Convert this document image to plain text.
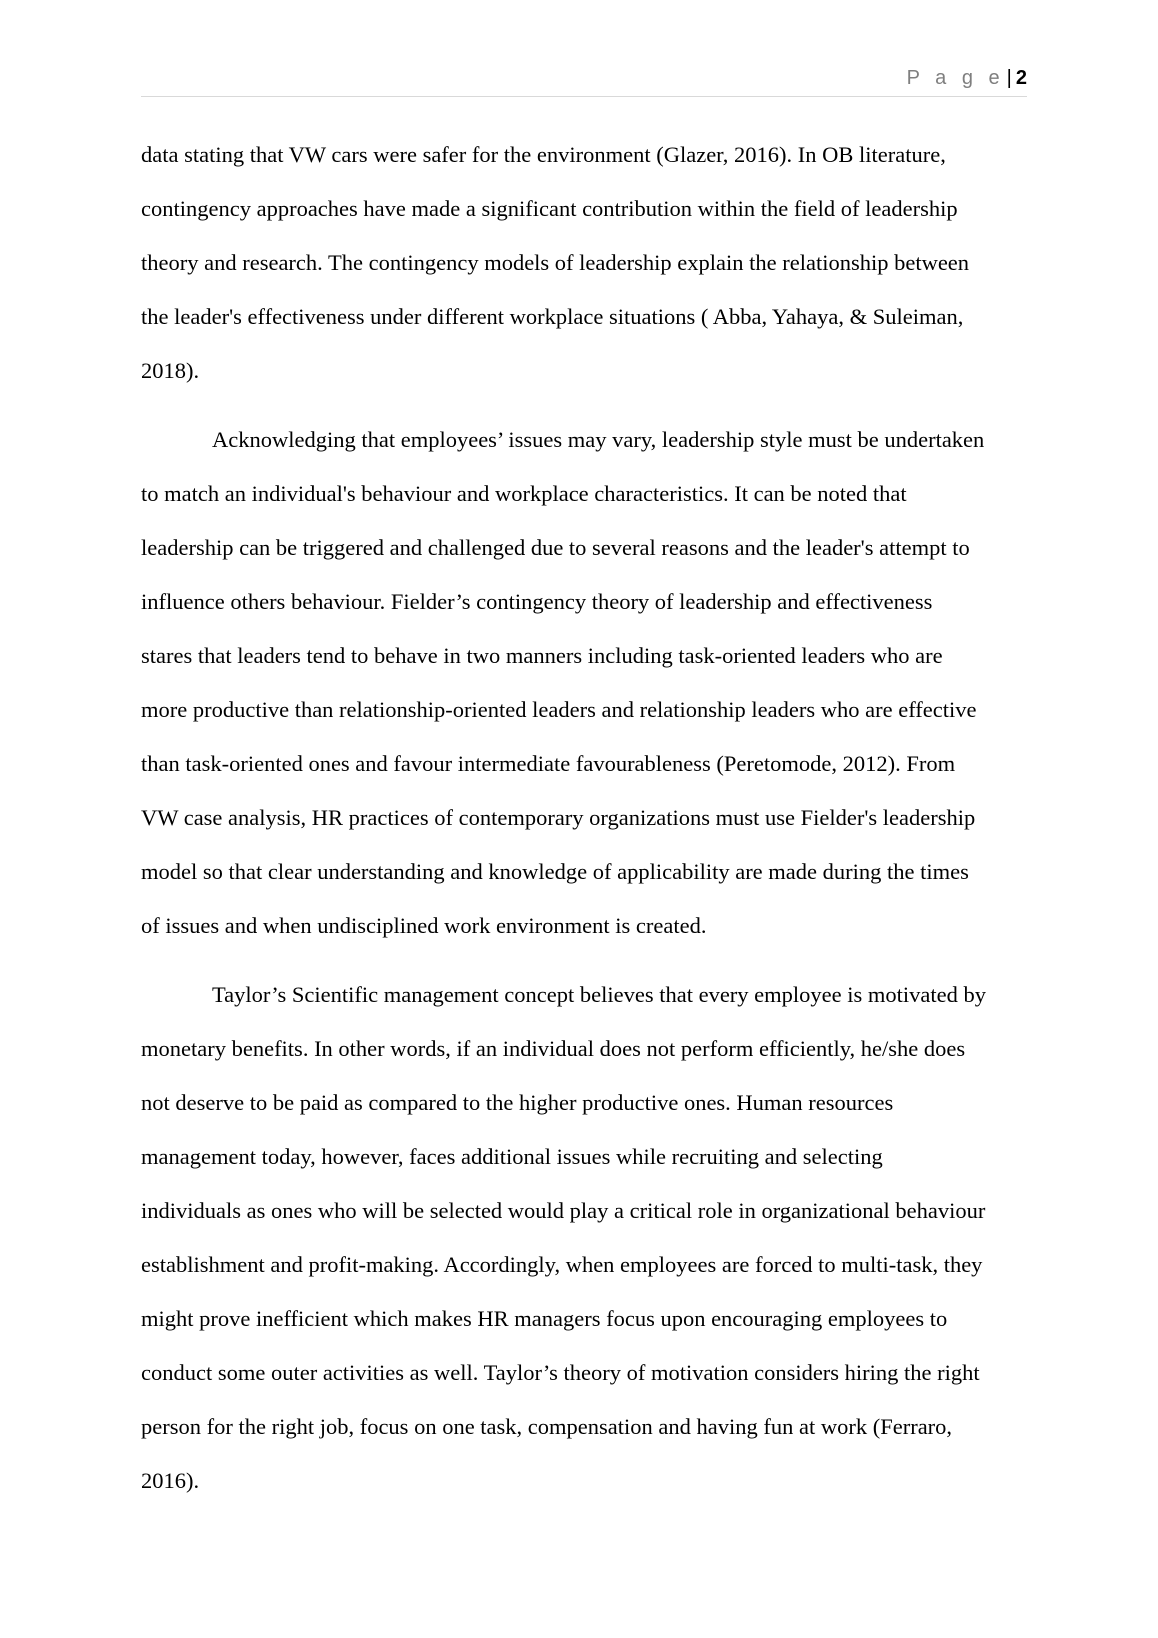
P a g e | 2
data stating that VW cars were safer for the environment (Glazer, 2016). In OB literature,
contingency approaches have made a significant contribution within the field of leadership
theory and research. The contingency models of leadership explain the relationship between
the leader's effectiveness under different workplace situations ( Abba, Yahaya, & Suleiman,
2018).
Acknowledging that employees’ issues may vary, leadership style must be undertaken
to match an individual's behaviour and workplace characteristics. It can be noted that
leadership can be triggered and challenged due to several reasons and the leader's attempt to
influence others behaviour. Fielder’s contingency theory of leadership and effectiveness
stares that leaders tend to behave in two manners including task-oriented leaders who are
more productive than relationship-oriented leaders and relationship leaders who are effective
than task-oriented ones and favour intermediate favourableness (Peretomode, 2012). From
VW case analysis, HR practices of contemporary organizations must use Fielder's leadership
model so that clear understanding and knowledge of applicability are made during the times
of issues and when undisciplined work environment is created.
Taylor’s Scientific management concept believes that every employee is motivated by
monetary benefits. In other words, if an individual does not perform efficiently, he/she does
not deserve to be paid as compared to the higher productive ones. Human resources
management today, however, faces additional issues while recruiting and selecting
individuals as ones who will be selected would play a critical role in organizational behaviour
establishment and profit-making. Accordingly, when employees are forced to multi-task, they
might prove inefficient which makes HR managers focus upon encouraging employees to
conduct some outer activities as well. Taylor’s theory of motivation considers hiring the right
person for the right job, focus on one task, compensation and having fun at work (Ferraro,
2016).
